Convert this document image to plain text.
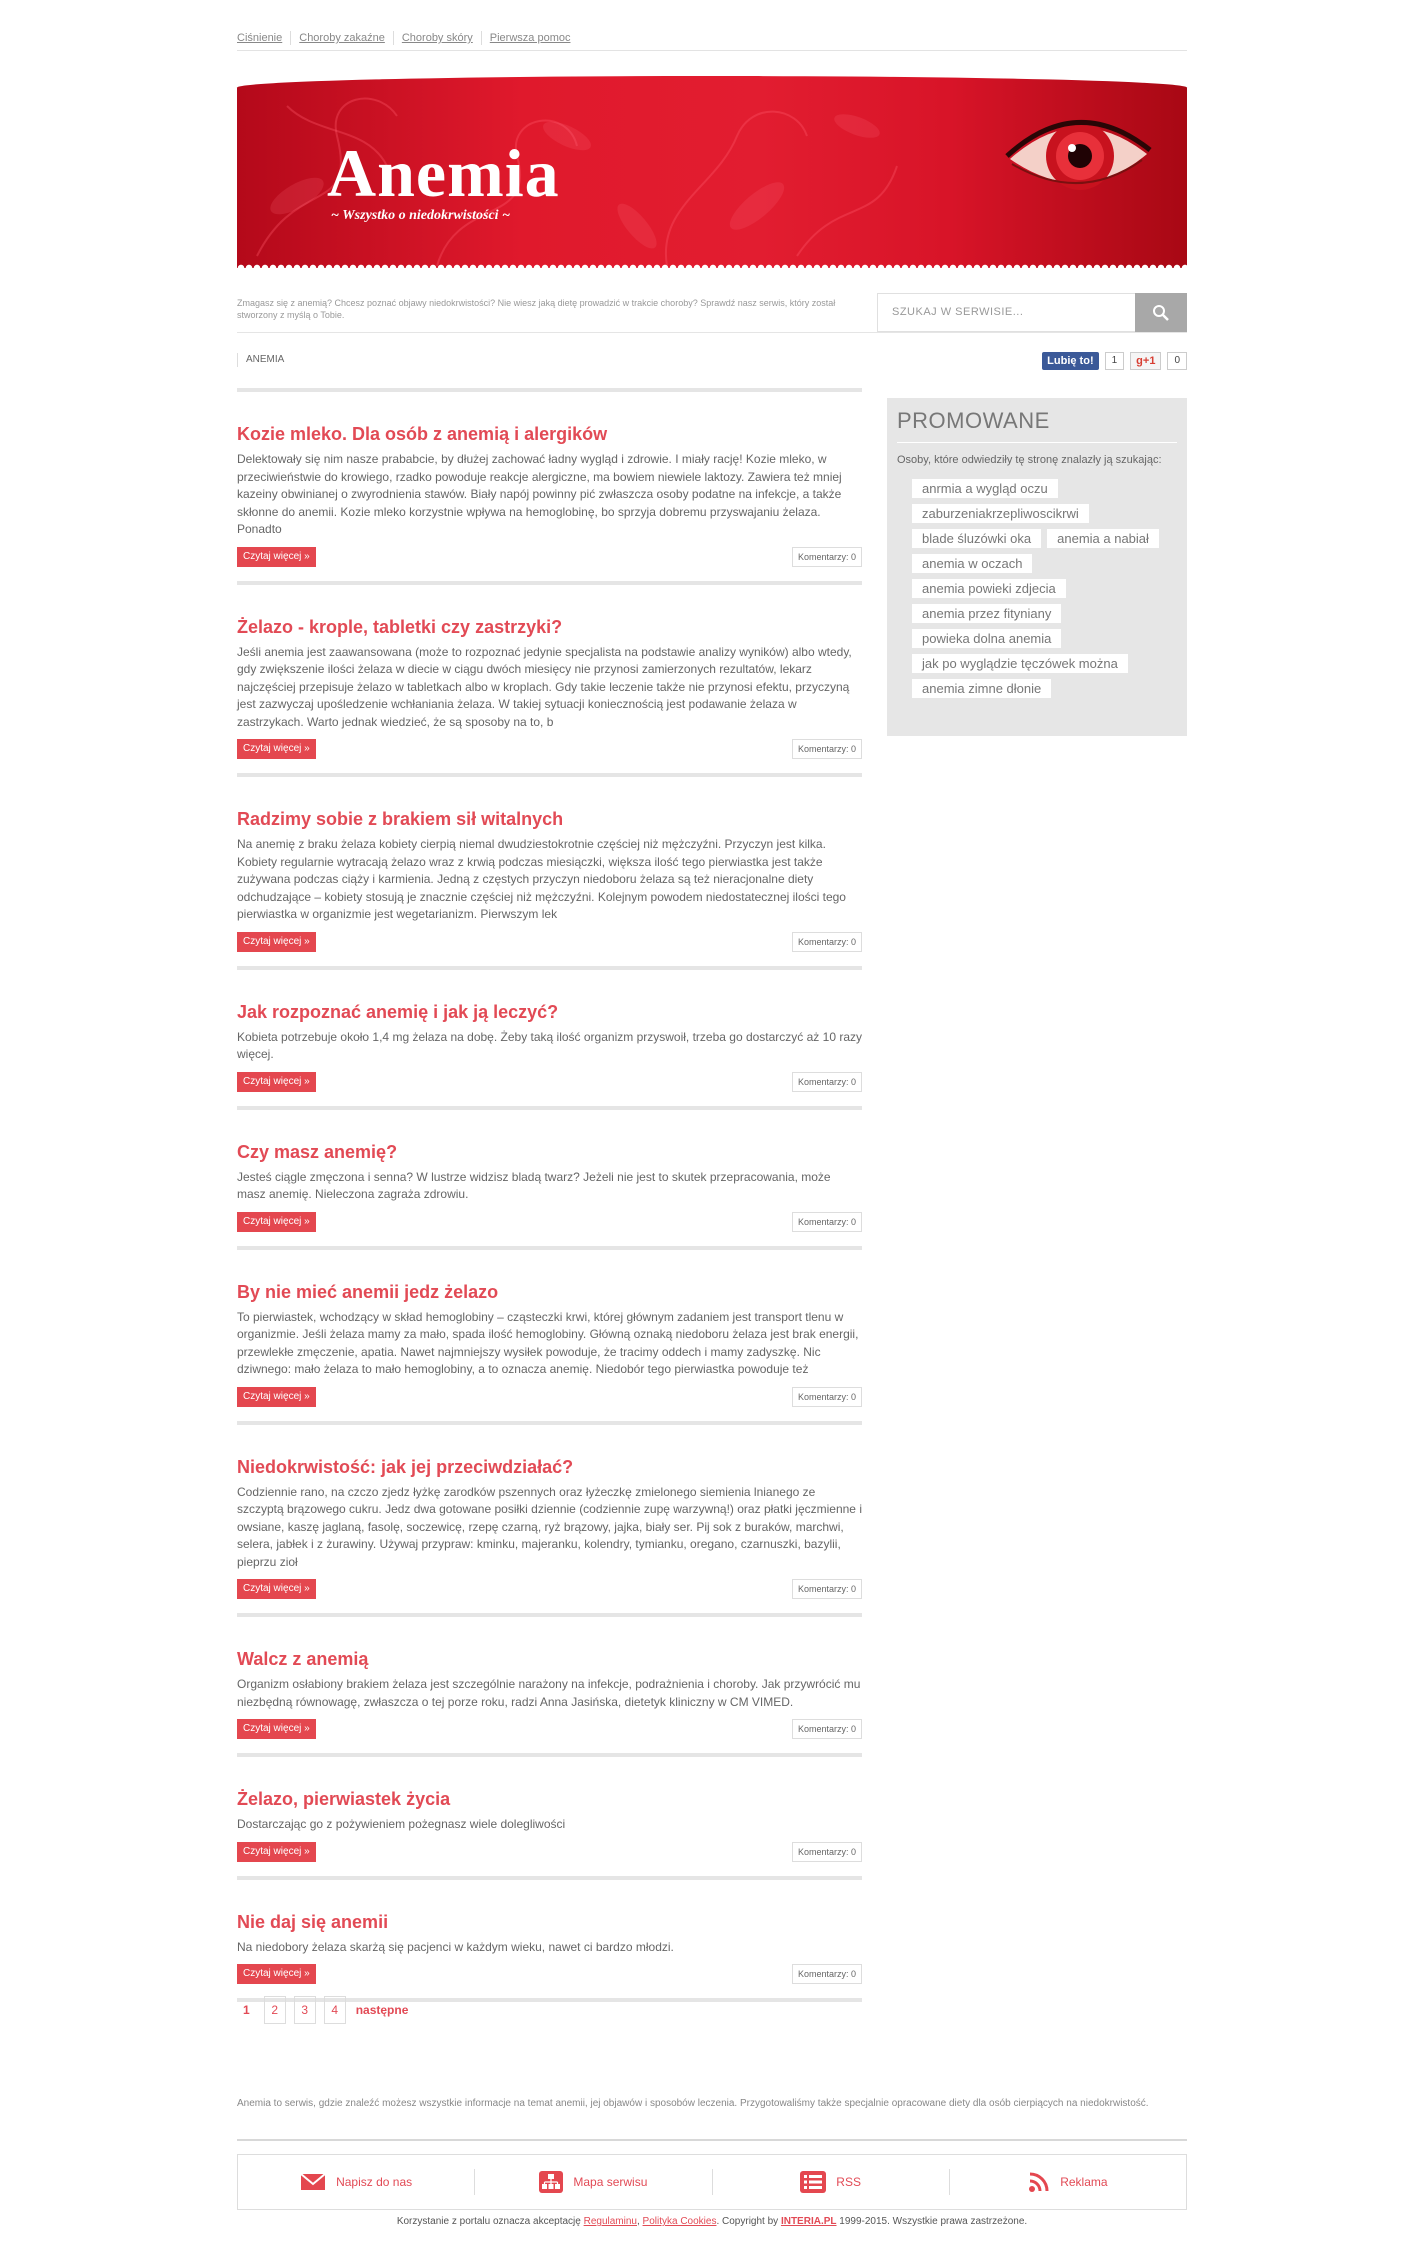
Ciśnienie	Choroby zakaźne	Choroby skóry	Pierwsza pomoc
Anemia
~ Wszystko o niedokrwistości ~
Zmagasz się z anemią? Chcesz poznać objawy niedokrwistości? Nie wiesz jaką dietę prowadzić w trakcie choroby? Sprawdź nasz serwis, który został stworzony z myślą o Tobie.	SZUKAJ W SERWISIE...
ANEMIA	Lubię to!	1	g+1	0
Kozie mleko. Dla osób z anemią i alergików

Delektowały się nim nasze prababcie, by dłużej zachować ładny wygląd i zdrowie. I miały rację! Kozie mleko, w przeciwieństwie do krowiego, rzadko powoduje reakcje alergiczne, ma bowiem niewiele laktozy. Zawiera też mniej kazeiny obwinianej o zwyrodnienia stawów. Biały napój powinny pić zwłaszcza osoby podatne na infekcje, a także skłonne do anemii. Kozie mleko korzystnie wpływa na hemoglobinę, bo sprzyja dobremu przyswajaniu żelaza. Ponadto

Czytaj więcej »	Komentarzy: 0
Żelazo - krople, tabletki czy zastrzyki?

Jeśli anemia jest zaawansowana (może to rozpoznać jedynie specjalista na podstawie analizy wyników) albo wtedy, gdy zwiększenie ilości żelaza w diecie w ciągu dwóch miesięcy nie przynosi zamierzonych rezultatów, lekarz najczęściej przepisuje żelazo w tabletkach albo w kroplach. Gdy takie leczenie także nie przynosi efektu, przyczyną jest zazwyczaj upośledzenie wchłaniania żelaza. W takiej sytuacji koniecznością jest podawanie żelaza w zastrzykach. Warto jednak wiedzieć, że są sposoby na to, b

Czytaj więcej »	Komentarzy: 0
Radzimy sobie z brakiem sił witalnych

Na anemię z braku żelaza kobiety cierpią niemal dwudziestokrotnie częściej niż mężczyźni. Przyczyn jest kilka. Kobiety regularnie wytracają żelazo wraz z krwią podczas miesiączki, większa ilość tego pierwiastka jest także zużywana podczas ciąży i karmienia. Jedną z częstych przyczyn niedoboru żelaza są też nieracjonalne diety odchudzające – kobiety stosują je znacznie częściej niż mężczyźni. Kolejnym powodem niedostatecznej ilości tego pierwiastka w organizmie jest wegetarianizm. Pierwszym lek

Czytaj więcej »	Komentarzy: 0
Jak rozpoznać anemię i jak ją leczyć?

Kobieta potrzebuje około 1,4 mg żelaza na dobę. Żeby taką ilość organizm przyswoił, trzeba go dostarczyć aż 10 razy więcej.

Czytaj więcej »	Komentarzy: 0
Czy masz anemię?

Jesteś ciągle zmęczona i senna? W lustrze widzisz bladą twarz? Jeżeli nie jest to skutek przepracowania, może masz anemię. Nieleczona zagraża zdrowiu.

Czytaj więcej »	Komentarzy: 0
By nie mieć anemii jedz żelazo

To pierwiastek, wchodzący w skład hemoglobiny – cząsteczki krwi, której głównym zadaniem jest transport tlenu w organizmie. Jeśli żelaza mamy za mało, spada ilość hemoglobiny. Główną oznaką niedoboru żelaza jest brak energii, przewlekłe zmęczenie, apatia. Nawet najmniejszy wysiłek powoduje, że tracimy oddech i mamy zadyszkę. Nic dziwnego: mało żelaza to mało hemoglobiny, a to oznacza anemię. Niedobór tego pierwiastka powoduje też

Czytaj więcej »	Komentarzy: 0
Niedokrwistość: jak jej przeciwdziałać?

Codziennie rano, na czczo zjedz łyżkę zarodków pszennych oraz łyżeczkę zmielonego siemienia lnianego ze szczyptą brązowego cukru. Jedz dwa gotowane posiłki dziennie (codziennie zupę warzywną!) oraz płatki jęczmienne i owsiane, kaszę jaglaną, fasolę, soczewicę, rzepę czarną, ryż brązowy, jajka, biały ser. Pij sok z buraków, marchwi, selera, jabłek i z żurawiny. Używaj przypraw: kminku, majeranku, kolendry, tymianku, oregano, czarnuszki, bazylii, pieprzu zioł

Czytaj więcej »	Komentarzy: 0
Walcz z anemią

Organizm osłabiony brakiem żelaza jest szczególnie narażony na infekcje, podrażnienia i choroby. Jak przywrócić mu niezbędną równowagę, zwłaszcza o tej porze roku, radzi Anna Jasińska, dietetyk kliniczny w CM VIMED.

Czytaj więcej »	Komentarzy: 0
Żelazo, pierwiastek życia

Dostarczając go z pożywieniem pożegnasz wiele dolegliwości

Czytaj więcej »	Komentarzy: 0
Nie daj się anemii

Na niedobory żelaza skarżą się pacjenci w każdym wieku, nawet ci bardzo młodzi.

Czytaj więcej »	Komentarzy: 0
PROMOWANE
Osoby, które odwiedziły tę stronę znalazły ją szukając:
anrmia a wygląd oczu
zaburzeniakrzepliwoscikrwi
blade śluzówki oka	anemia a nabiał
anemia w oczach
anemia powieki zdjecia
anemia przez fityniany
powieka dolna anemia
jak po wyglądzie tęczówek można
anemia zimne dłonie
1	2	3	4	następne
Anemia to serwis, gdzie znaleźć możesz wszystkie informacje na temat anemii, jej objawów i sposobów leczenia. Przygotowaliśmy także specjalnie opracowane diety dla osób cierpiących na niedokrwistość.
Napisz do nas	Mapa serwisu	RSS	Reklama
Korzystanie z portalu oznacza akceptację Regulaminu, Polityka Cookies. Copyright by INTERIA.PL 1999-2015. Wszystkie prawa zastrzeżone.
